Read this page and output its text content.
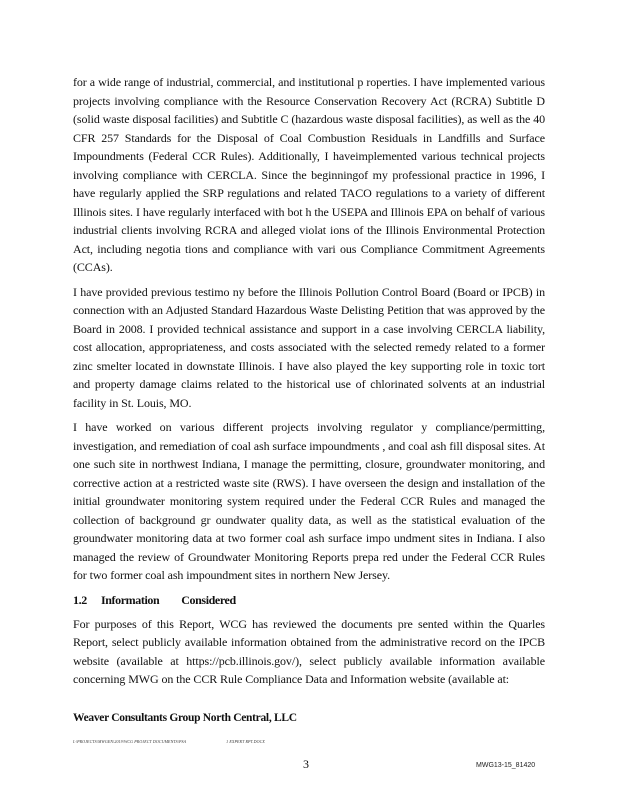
for a wide range of industrial, commercial, and institutional p roperties. I have implemented various projects involving compliance with the Resource Conservation Recovery Act (RCRA) Subtitle D (solid waste disposal facilities) and Subtitle C (hazardous waste disposal facilities), as well as the 40 CFR 257 Standards for the Disposal of Coal Combustion Residuals in Landfills and Surface Impoundments (Federal CCR Rules). Additionally, I haveimplemented various technical projects involving compliance with CERCLA. Since the beginningof my professional practice in 1996, I have regularly applied the SRP regulations and related TACO regulations to a variety of different Illinois sites. I have regularly interfaced with bot h the USEPA and Illinois EPA on behalf of various industrial clients involving RCRA and alleged violat ions of the Illinois Environmental Protection Act, including negotia tions and compliance with vari ous Compliance Commitment Agreements (CCAs).

I have provided previous testimo ny before the Illinois Pollution Control Board (Board or IPCB) in connection with an Adjusted Standard Hazardous Waste Delisting Petition that was approved by the Board in 2008. I provided technical assistance and support in a case involving CERCLA liability, cost allocation, appropriateness, and costs associated with the selected remedy related to a former zinc smelter located in downstate Illinois. I have also played the key supporting role in toxic tort and property damage claims related to the historical use of chlorinated solvents at an industrial facility in St. Louis, MO.

I have worked on various different projects involving regulator y compliance/permitting, investigation, and remediation of coal ash surface impoundments , and coal ash fill disposal sites. At one such site in northwest Indiana, I manage the permitting, closure, groundwater monitoring, and corrective action at a restricted waste site (RWS). I have overseen the design and installation of the initial groundwater monitoring system required under the Federal CCR Rules and managed the collection of background gr oundwater quality data, as well as the statistical evaluation of the groundwater monitoring data at two former coal ash surface impo undment sites in Indiana. I also managed the review of Groundwater Monitoring Reports prepa red under the Federal CCR Rules for two former coal ash impoundment sites in northern New Jersey.

1.2 Information Considered

For purposes of this Report, WCG has reviewed the documents pre sented within the Quarles Report, select publicly available information obtained from the administrative record on the IPCB website (available at https://pcb.illinois.gov/), select publicly available information available concerning MWG on the CCR Rule Compliance Data and Information website (available at:

Weaver Consultants Group North Central, LLC
I:\PROJECTS\MWGEN\2019\WCG PROJECT DOCUMENTS\PSA	1 EXPERT RPT.DOCX
3	MWG13-15_81420
